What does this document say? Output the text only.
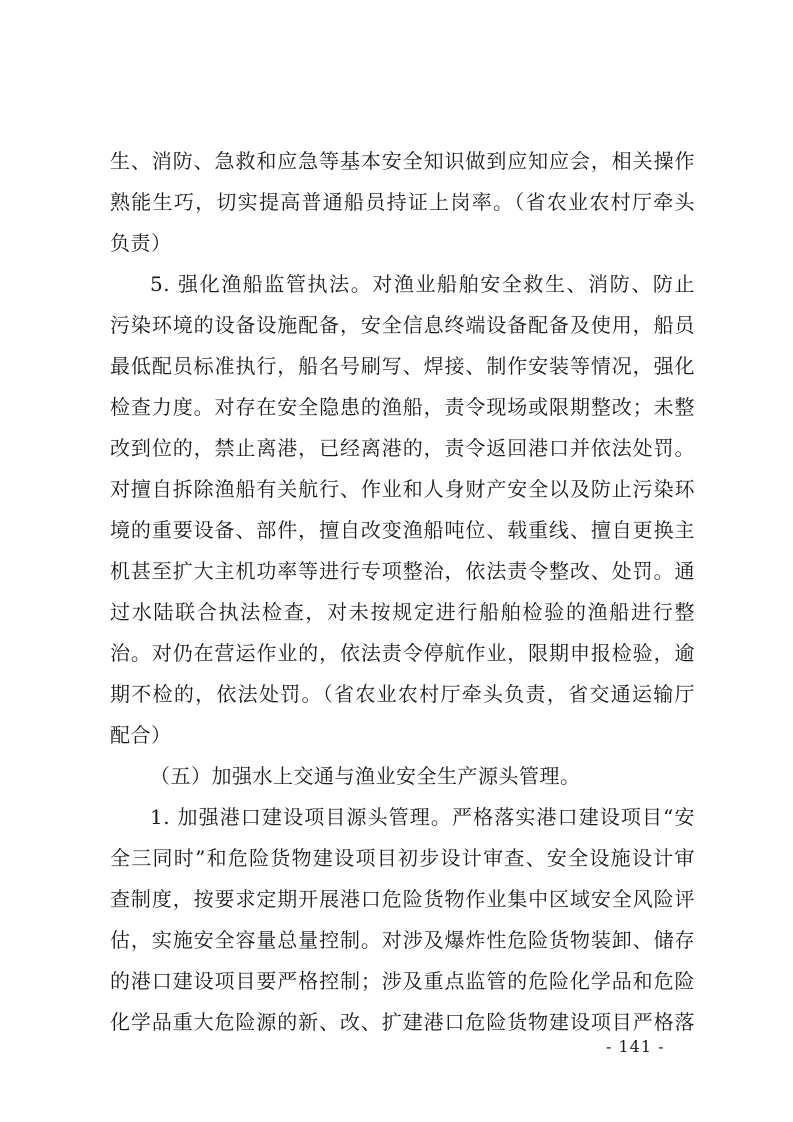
生、消防、急救和应急等基本安全知识做到应知应会，相关操作
熟能生巧，切实提高普通船员持证上岗率。（省农业农村厅牵头
负责）
5. 强化渔船监管执法。对渔业船舶安全救生、消防、防止
污染环境的设备设施配备，安全信息终端设备配备及使用，船员
最低配员标准执行，船名号刷写、焊接、制作安装等情况，强化
检查力度。对存在安全隐患的渔船，责令现场或限期整改；未整
改到位的，禁止离港，已经离港的，责令返回港口并依法处罚。
对擅自拆除渔船有关航行、作业和人身财产安全以及防止污染环
境的重要设备、部件，擅自改变渔船吨位、载重线、擅自更换主
机甚至扩大主机功率等进行专项整治，依法责令整改、处罚。通
过水陆联合执法检查，对未按规定进行船舶检验的渔船进行整
治。对仍在营运作业的，依法责令停航作业，限期申报检验，逾
期不检的，依法处罚。（省农业农村厅牵头负责，省交通运输厅
配合）
（五）加强水上交通与渔业安全生产源头管理。
1. 加强港口建设项目源头管理。严格落实港口建设项目“安
全三同时”和危险货物建设项目初步设计审查、安全设施设计审
查制度，按要求定期开展港口危险货物作业集中区域安全风险评
估，实施安全容量总量控制。对涉及爆炸性危险货物装卸、储存
的港口建设项目要严格控制；涉及重点监管的危险化学品和危险
化学品重大危险源的新、改、扩建港口危险货物建设项目严格落
- 141 -
